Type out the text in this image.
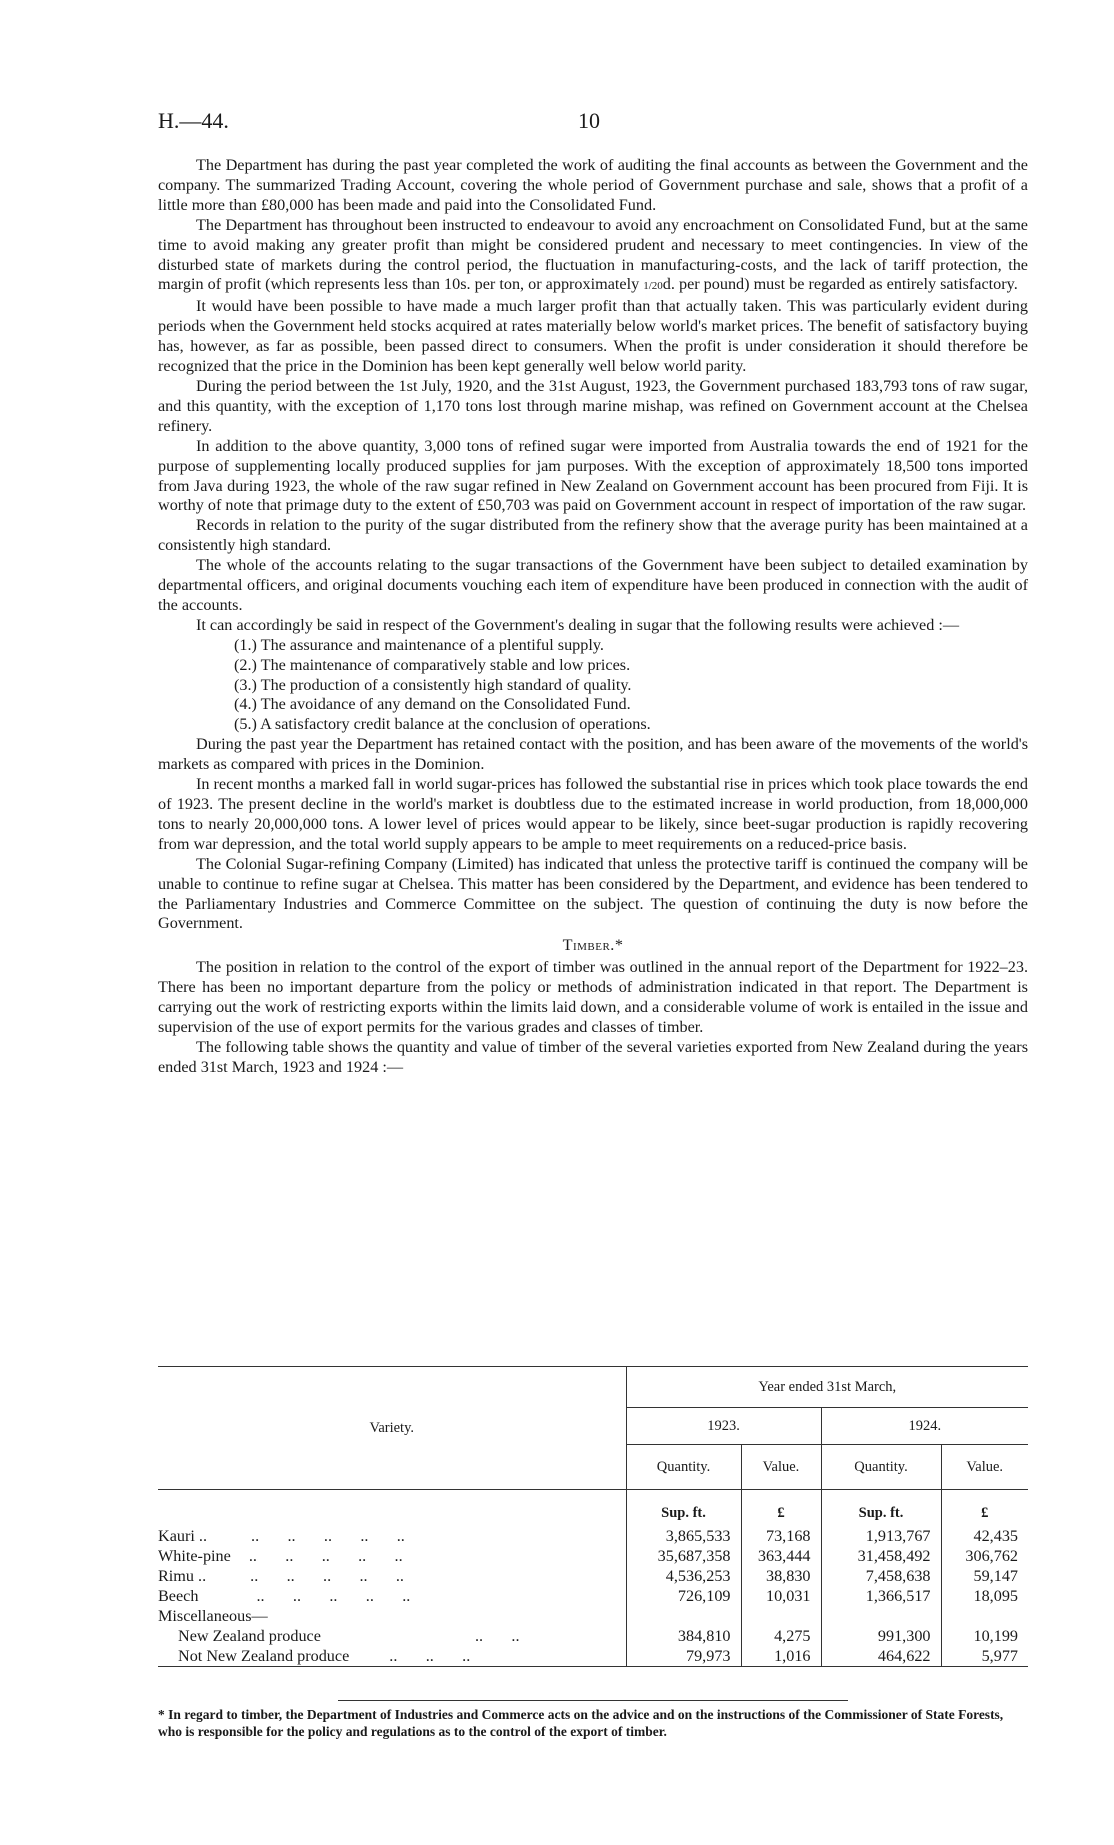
H.—44.	10

The Department has during the past year completed the work of auditing the final accounts as between the Government and the company. The summarized Trading Account, covering the whole period of Government purchase and sale, shows that a profit of a little more than £80,000 has been made and paid into the Consolidated Fund.

The Department has throughout been instructed to endeavour to avoid any encroachment on Consolidated Fund, but at the same time to avoid making any greater profit than might be considered prudent and necessary to meet contingencies. In view of the disturbed state of markets during the control period, the fluctuation in manufacturing-costs, and the lack of tariff protection, the margin of profit (which represents less than 10s. per ton, or approximately 1/20d. per pound) must be regarded as entirely satisfactory.

It would have been possible to have made a much larger profit than that actually taken. This was particularly evident during periods when the Government held stocks acquired at rates materially below world's market prices. The benefit of satisfactory buying has, however, as far as possible, been passed direct to consumers. When the profit is under consideration it should therefore be recognized that the price in the Dominion has been kept generally well below world parity.

During the period between the 1st July, 1920, and the 31st August, 1923, the Government purchased 183,793 tons of raw sugar, and this quantity, with the exception of 1,170 tons lost through marine mishap, was refined on Government account at the Chelsea refinery.

In addition to the above quantity, 3,000 tons of refined sugar were imported from Australia towards the end of 1921 for the purpose of supplementing locally produced supplies for jam purposes. With the exception of approximately 18,500 tons imported from Java during 1923, the whole of the raw sugar refined in New Zealand on Government account has been procured from Fiji. It is worthy of note that primage duty to the extent of £50,703 was paid on Government account in respect of importation of the raw sugar.

Records in relation to the purity of the sugar distributed from the refinery show that the average purity has been maintained at a consistently high standard.

The whole of the accounts relating to the sugar transactions of the Government have been subject to detailed examination by departmental officers, and original documents vouching each item of expenditure have been produced in connection with the audit of the accounts.

It can accordingly be said in respect of the Government's dealing in sugar that the following results were achieved :—

(1.) The assurance and maintenance of a plentiful supply.
(2.) The maintenance of comparatively stable and low prices.
(3.) The production of a consistently high standard of quality.
(4.) The avoidance of any demand on the Consolidated Fund.
(5.) A satisfactory credit balance at the conclusion of operations.

During the past year the Department has retained contact with the position, and has been aware of the movements of the world's markets as compared with prices in the Dominion.

In recent months a marked fall in world sugar-prices has followed the substantial rise in prices which took place towards the end of 1923. The present decline in the world's market is doubtless due to the estimated increase in world production, from 18,000,000 tons to nearly 20,000,000 tons. A lower level of prices would appear to be likely, since beet-sugar production is rapidly recovering from war depression, and the total world supply appears to be ample to meet requirements on a reduced-price basis.

The Colonial Sugar-refining Company (Limited) has indicated that unless the protective tariff is continued the company will be unable to continue to refine sugar at Chelsea. This matter has been considered by the Department, and evidence has been tendered to the Parliamentary Industries and Commerce Committee on the subject. The question of continuing the duty is now before the Government.

Timber.*

The position in relation to the control of the export of timber was outlined in the annual report of the Department for 1922–23. There has been no important departure from the policy or methods of administration indicated in that report. The Department is carrying out the work of restricting exports within the limits laid down, and a considerable volume of work is entailed in the issue and supervision of the use of export permits for the various grades and classes of timber.

The following table shows the quantity and value of timber of the several varieties exported from New Zealand during the years ended 31st March, 1923 and 1924 :—

Variety.	Year ended 31st March,			
	1923.		1924.	
	Quantity.	Value.	Quantity.	Value.
	Sup. ft.	£	Sup. ft.	£
Kauri .. ..       ..       ..       ..       ..	3,865,533	73,168	1,913,767	42,435
White-pine ..       ..       ..       ..       ..	35,687,358	363,444	31,458,492	306,762
Rimu .. ..       ..       ..       ..       ..	4,536,253	38,830	7,458,638	59,147
Beech ..       ..       ..       ..       ..	726,109	10,031	1,366,517	18,095
Miscellaneous—				
New Zealand produce ..       ..	384,810	4,275	991,300	10,199
Not New Zealand produce ..       ..       ..	79,973	1,016	464,622	5,977
* In regard to timber, the Department of Industries and Commerce acts on the advice and on the instructions of the Commissioner of State Forests, who is responsible for the policy and regulations as to the control of the export of timber.
